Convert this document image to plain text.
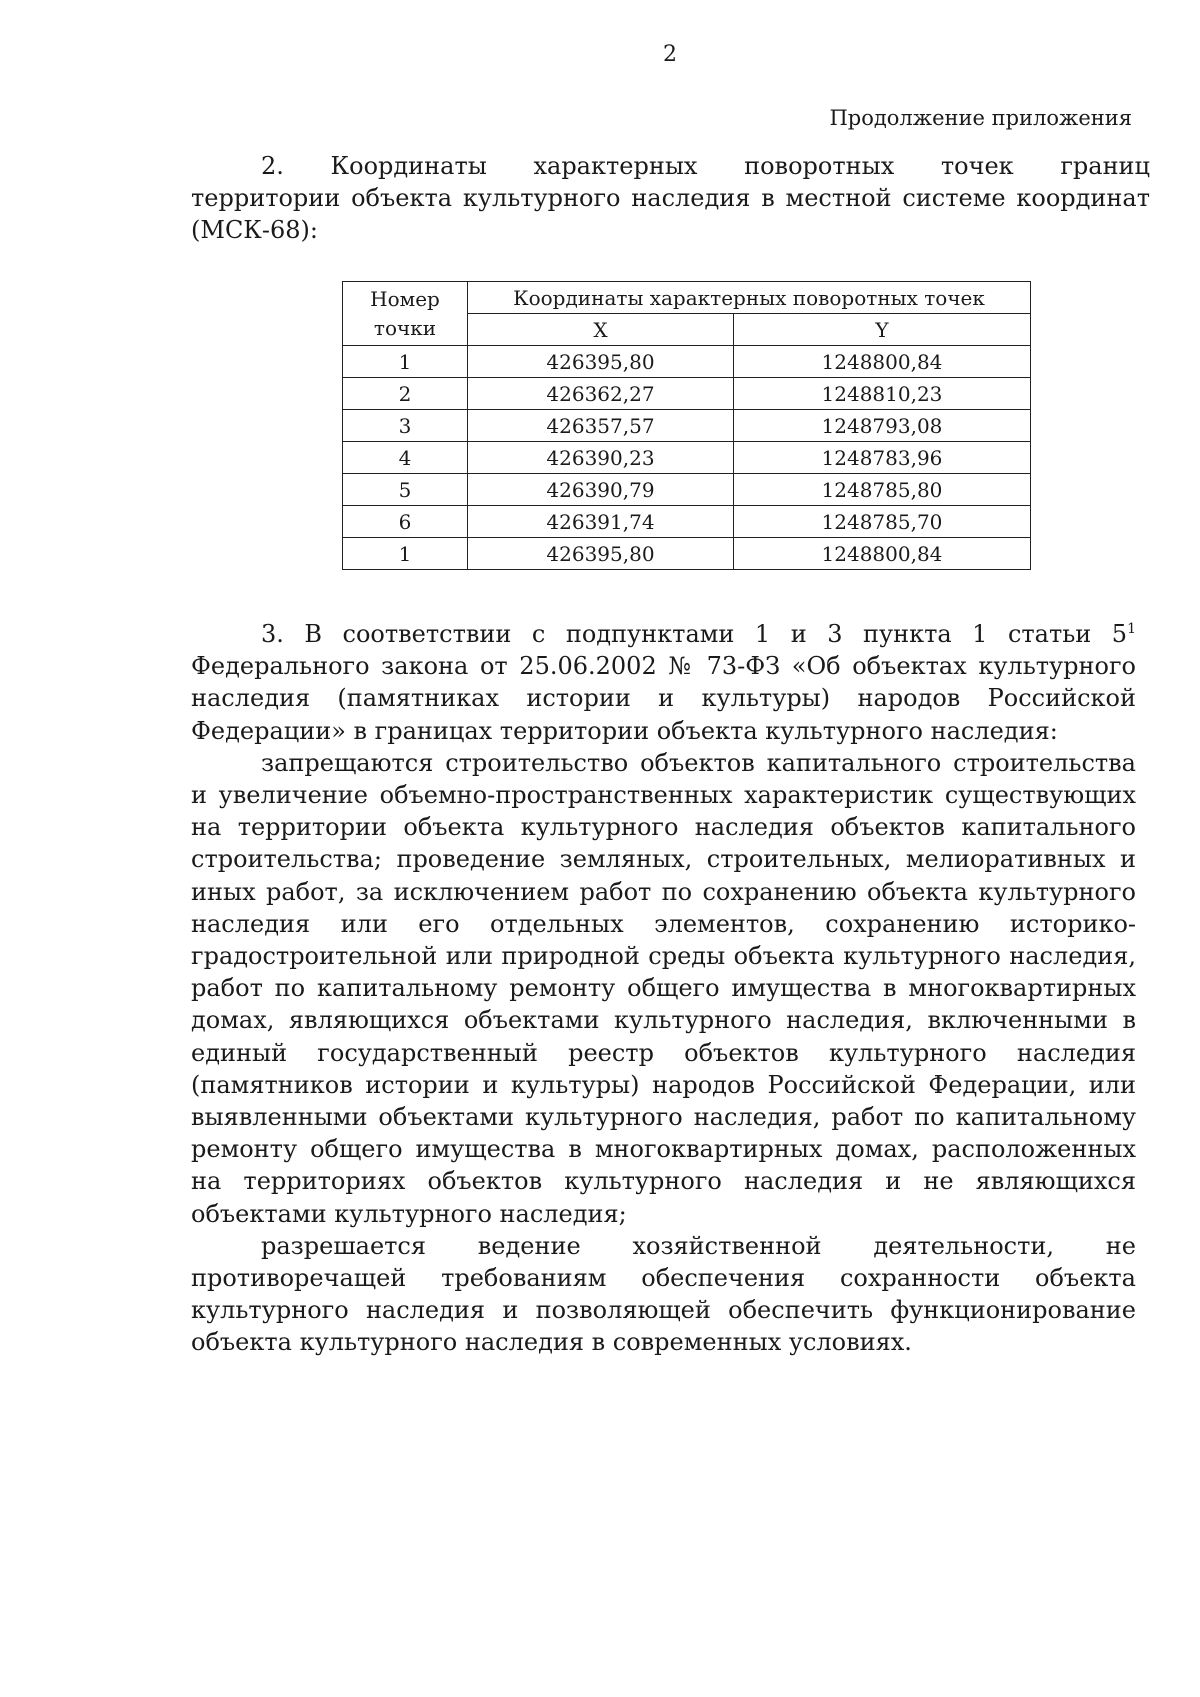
2
Продолжение приложения
2. Координаты характерных поворотных точек границ
территории объекта культурного наследия в местной системе координат (МСК-68):
Номер точки	Координаты характерных поворотных точек	
	X	Y
1	426395,80	1248800,84
2	426362,27	1248810,23
3	426357,57	1248793,08
4	426390,23	1248783,96
5	426390,79	1248785,80
6	426391,74	1248785,70
1	426395,80	1248800,84

3. В соответствии с подпунктами 1 и 3 пункта 1 статьи $5^1$ Федерального закона от 25.06.2002 № 73-ФЗ «Об объектах культурного наследия (памятниках истории и культуры) народов Российской Федерации» в границах территории объекта культурного наследия:

запрещаются строительство объектов капитального строительства и увеличение объемно-пространственных характеристик существующих на территории объекта культурного наследия объектов капитального строительства; проведение земляных, строительных, мелиоративных и иных работ, за исключением работ по сохранению объекта культурного наследия или его отдельных элементов, сохранению историко-градостроительной или природной среды объекта культурного наследия, работ по капитальному ремонту общего имущества в многоквартирных домах, являющихся объектами культурного наследия, включенными в единый государственный реестр объектов культурного наследия (памятников истории и культуры) народов Российской Федерации, или выявленными объектами культурного наследия, работ по капитальному ремонту общего имущества в многоквартирных домах, расположенных на территориях объектов культурного наследия и не являющихся объектами культурного наследия;

разрешается ведение хозяйственной деятельности, не противоречащей требованиям обеспечения сохранности объекта культурного наследия и позволяющей обеспечить функционирование объекта культурного наследия в современных условиях.
